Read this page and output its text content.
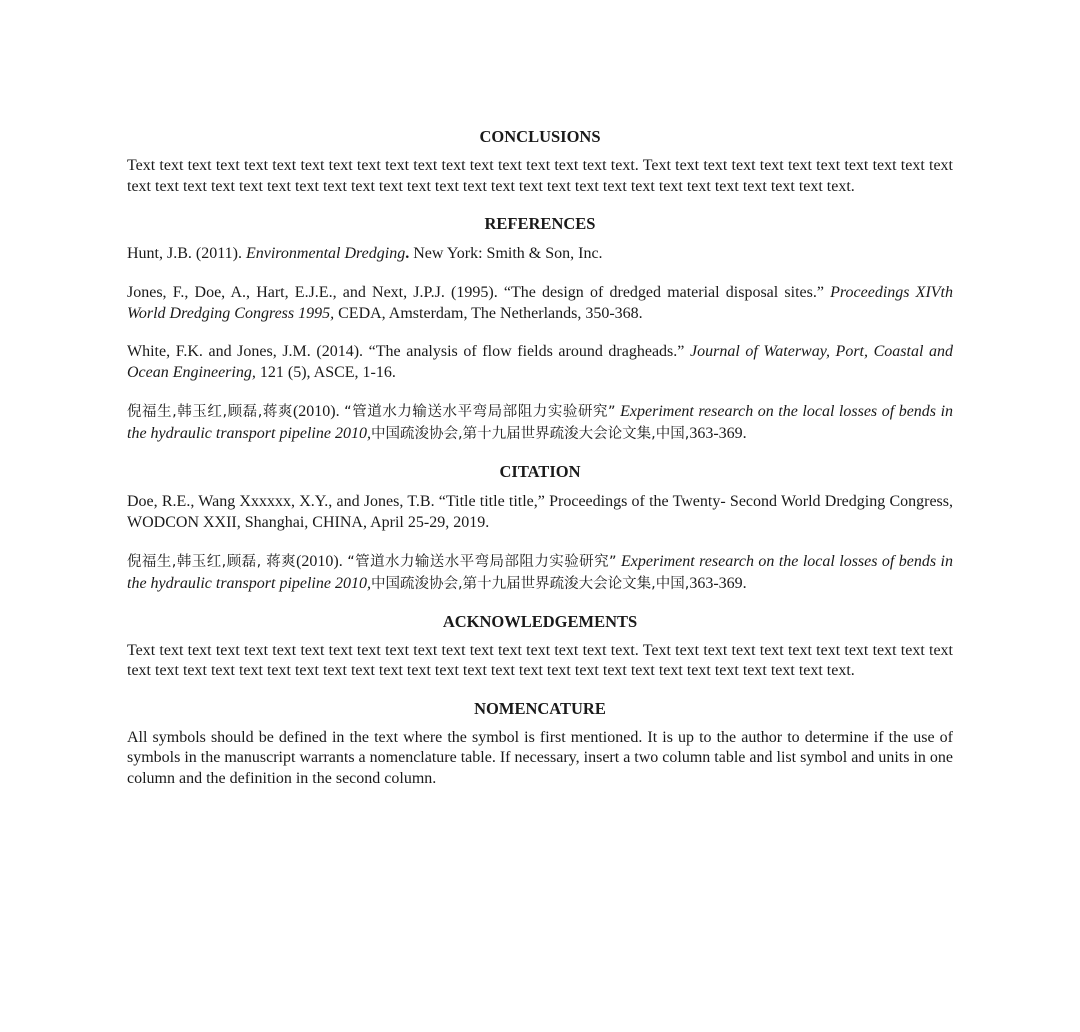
CONCLUSIONS

Text text text text text text text text text text text text text text text text text text. Text text text text text text text text text text text text text text text text text text text text text text text text text text text text text text text text text text text text text.

REFERENCES

Hunt, J.B. (2011). Environmental Dredging. New York: Smith & Son, Inc.

Jones, F., Doe, A., Hart, E.J.E., and Next, J.P.J. (1995). “The design of dredged material disposal sites.” Proceedings XIVth World Dredging Congress 1995, CEDA, Amsterdam, The Netherlands, 350-368.

White, F.K. and Jones, J.M. (2014). “The analysis of flow fields around dragheads.” Journal of Waterway, Port, Coastal and Ocean Engineering, 121 (5), ASCE, 1-16.

倪福生,韩玉红,顾磊,蒋爽(2010). “管道水力输送水平弯局部阻力实验研究” Experiment research on the local losses of bends in the hydraulic transport pipeline 2010,中国疏浚协会,第十九届世界疏浚大会论文集,中国,363-369.

CITATION

Doe, R.E., Wang Xxxxxx, X.Y., and Jones, T.B. “Title title title,” Proceedings of the Twenty- Second World Dredging Congress, WODCON XXII, Shanghai, CHINA, April 25-29, 2019.

倪福生,韩玉红,顾磊, 蒋爽(2010). “管道水力输送水平弯局部阻力实验研究” Experiment research on the local losses of bends in the hydraulic transport pipeline 2010,中国疏浚协会,第十九届世界疏浚大会论文集,中国,363-369.

ACKNOWLEDGEMENTS

Text text text text text text text text text text text text text text text text text text. Text text text text text text text text text text text text text text text text text text text text text text text text text text text text text text text text text text text text text.

NOMENCATURE

All symbols should be defined in the text where the symbol is first mentioned. It is up to the author to determine if the use of symbols in the manuscript warrants a nomenclature table. If necessary, insert a two column table and list symbol and units in one column and the definition in the second column.
